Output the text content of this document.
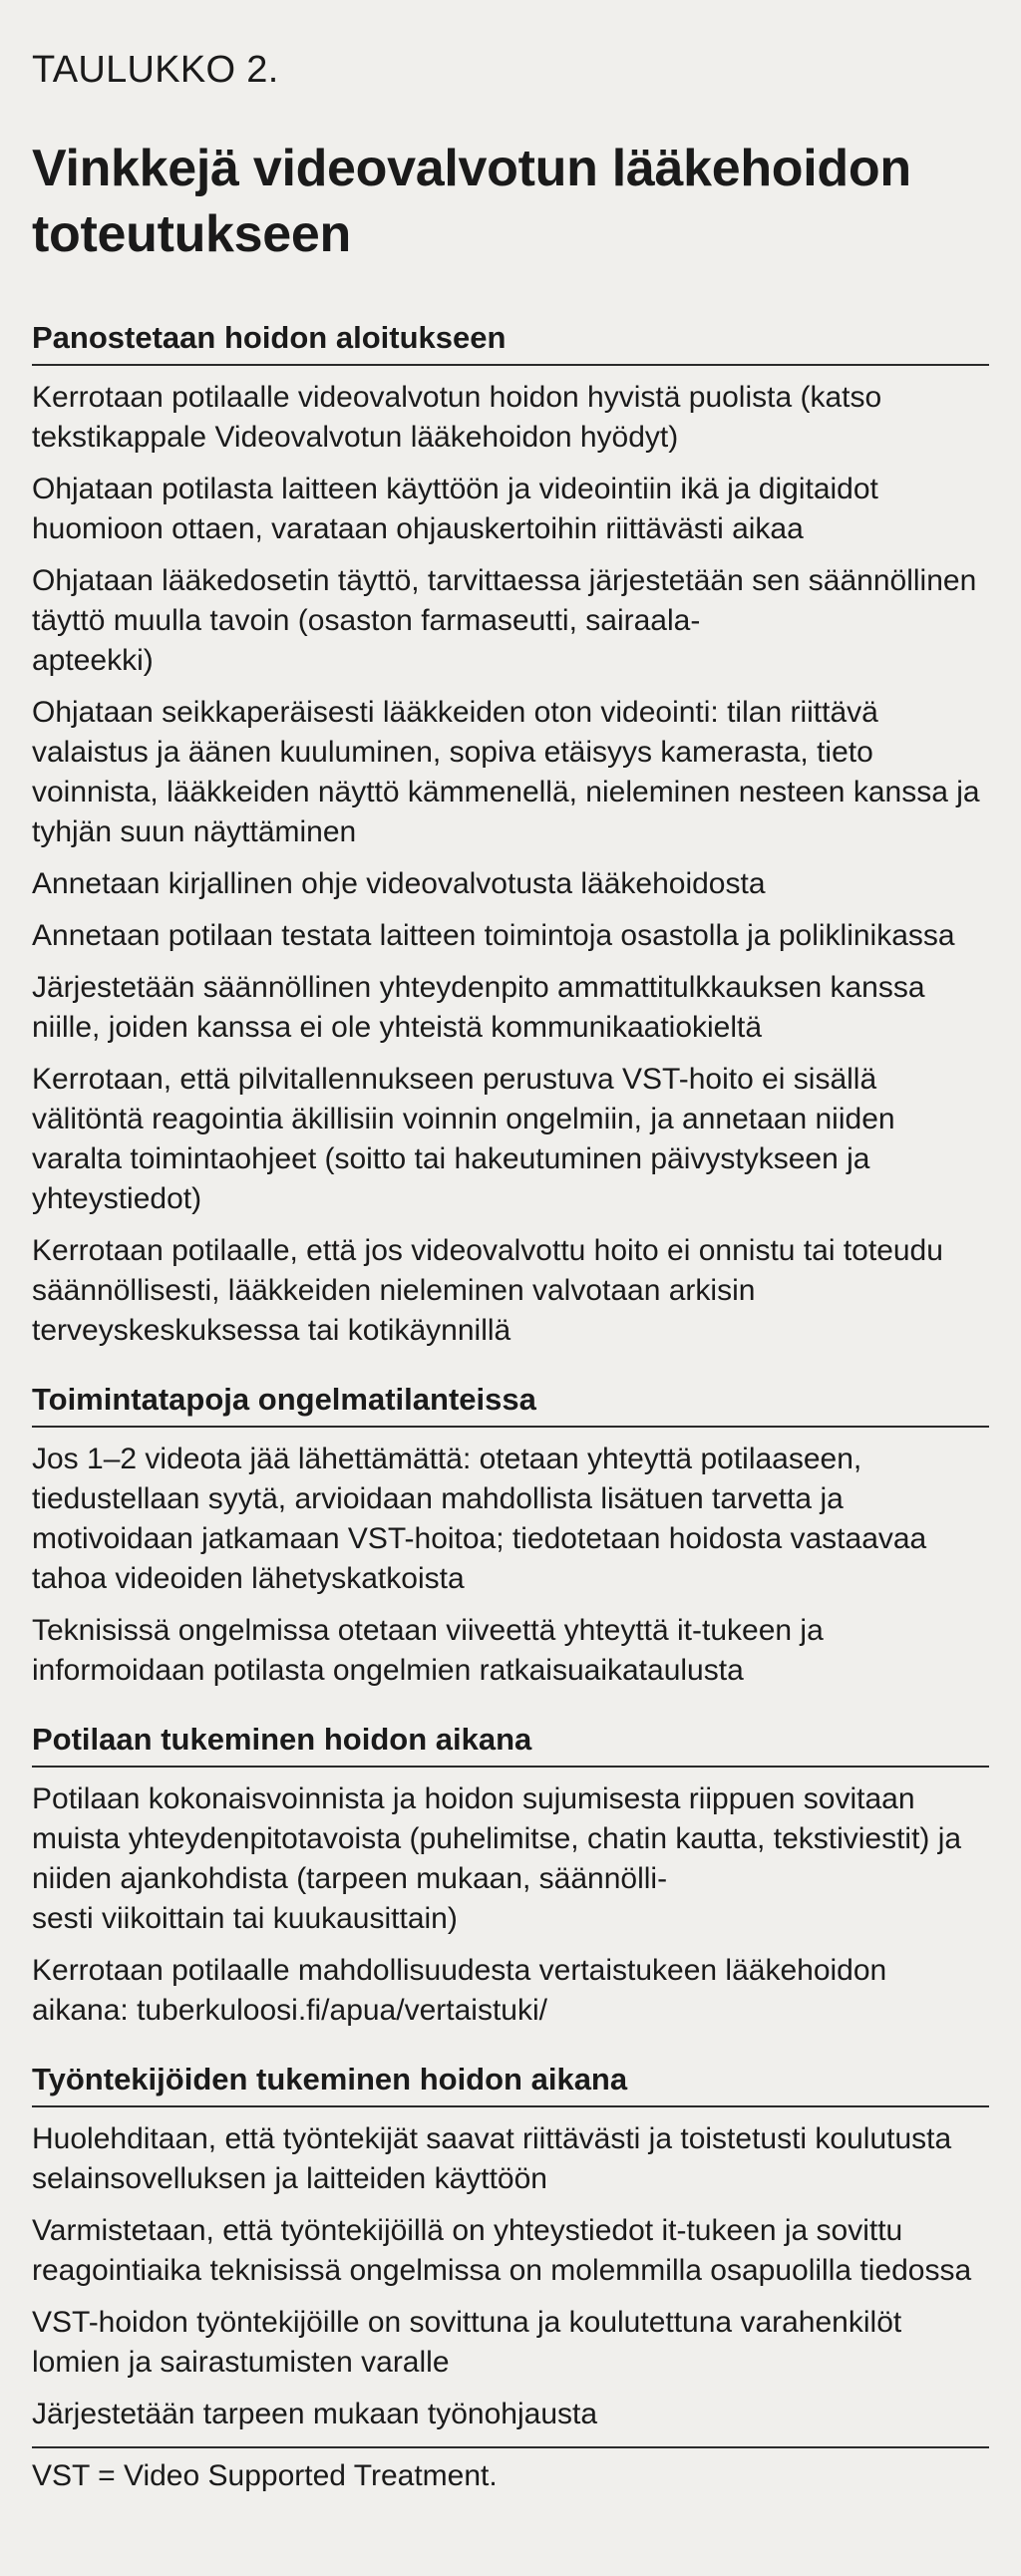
TAULUKKO 2.
Vinkkejä videovalvotun lääkehoidon toteutukseen
Panostetaan hoidon aloitukseen
Kerrotaan potilaalle videovalvotun hoidon hyvistä puolista (katso tekstikappale Videovalvotun lääkehoidon hyödyt)
Ohjataan potilasta laitteen käyttöön ja videointiin ikä ja digitaidot huomioon ottaen, varataan ohjauskertoihin riittävästi aikaa
Ohjataan lääkedosetin täyttö, tarvittaessa järjestetään sen säännöllinen täyttö muulla tavoin (osaston farmaseutti, sairaala-
apteekki)
Ohjataan seikkaperäisesti lääkkeiden oton videointi: tilan riittävä valaistus ja äänen kuuluminen, sopiva etäisyys kamerasta, tieto voinnista, lääkkeiden näyttö kämmenellä, nieleminen nesteen kanssa ja tyhjän suun näyttäminen
Annetaan kirjallinen ohje videovalvotusta lääkehoidosta
Annetaan potilaan testata laitteen toimintoja osastolla ja poliklinikassa
Järjestetään säännöllinen yhteydenpito ammattitulkkauksen kanssa niille, joiden kanssa ei ole yhteistä kommunikaatiokieltä
Kerrotaan, että pilvitallennukseen perustuva VST-hoito ei sisällä välitöntä reagointia äkillisiin voinnin ongelmiin, ja annetaan niiden varalta toimintaohjeet (soitto tai hakeutuminen päivystykseen ja yhteystiedot)
Kerrotaan potilaalle, että jos videovalvottu hoito ei onnistu tai toteudu säännöllisesti, lääkkeiden nieleminen valvotaan arkisin terveyskeskuksessa tai kotikäynnillä
Toimintatapoja ongelmatilanteissa
Jos 1–2 videota jää lähettämättä: otetaan yhteyttä potilaaseen, tiedustellaan syytä, arvioidaan mahdollista lisätuen tarvetta ja motivoidaan jatkamaan VST-hoitoa; tiedotetaan hoidosta vastaavaa tahoa videoiden lähetyskatkoista
Teknisissä ongelmissa otetaan viiveettä yhteyttä it-tukeen ja informoidaan potilasta ongelmien ratkaisuaikataulusta
Potilaan tukeminen hoidon aikana
Potilaan kokonaisvoinnista ja hoidon sujumisesta riippuen sovitaan muista yhteydenpitotavoista (puhelimitse, chatin kautta, tekstiviestit) ja niiden ajankohdista (tarpeen mukaan, säännölli-
sesti viikoittain tai kuukausittain)
Kerrotaan potilaalle mahdollisuudesta vertaistukeen lääkehoidon aikana: tuberkuloosi.fi/apua/vertaistuki/
Työntekijöiden tukeminen hoidon aikana
Huolehditaan, että työntekijät saavat riittävästi ja toistetusti koulutusta selainsovelluksen ja laitteiden käyttöön
Varmistetaan, että työntekijöillä on yhteystiedot it-tukeen ja sovittu reagointiaika teknisissä ongelmissa on molemmilla osapuolilla tiedossa
VST-hoidon työntekijöille on sovittuna ja koulutettuna varahenkilöt lomien ja sairastumisten varalle
Järjestetään tarpeen mukaan työnohjausta
VST = Video Supported Treatment.
